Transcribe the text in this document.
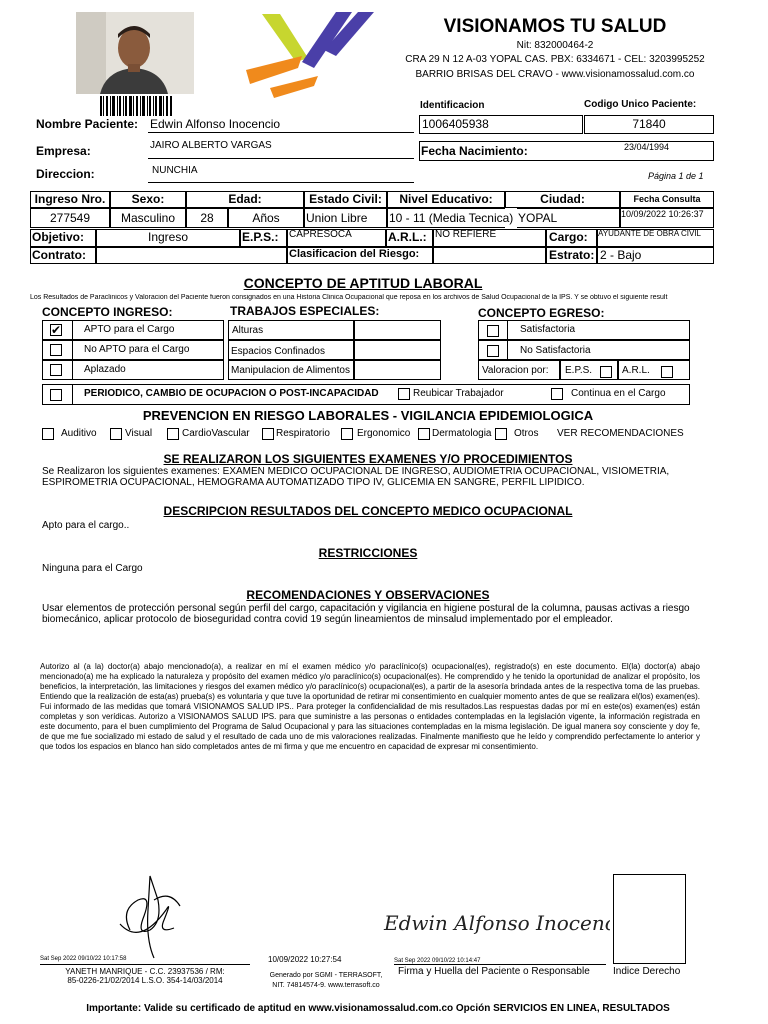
VISIONAMOS TU SALUD
Nit: 832000464-2
CRA 29 N 12 A-03 YOPAL CAS. PBX: 6334671 - CEL: 3203995252
BARRIO BRISAS DEL CRAVO - www.visionamossalud.com.co
Identificacion	Codigo Unico Paciente:
Nombre Paciente: Edwin Alfonso Inocencio	1006405938	71840
Empresa:	JAIRO ALBERTO VARGAS	Fecha Nacimiento:	23/04/1994
Direccion:	NUNCHIA	Página 1 de 1
Ingreso Nro.	Sexo:	Edad:	Estado Civil:	Nivel Educativo:	Ciudad:	Fecha Consulta
277549	Masculino	28	Años	Union Libre	10 - 11 (Media Tecnica) YOPAL	10/09/2022 10:26:37
Objetivo:	Ingreso	E.P.S.:	CAPRESOCA	A.R.L.: NO REFIERE	Cargo:	AYUDANTE DE OBRA CIVIL
Contrato:	Clasificacion del Riesgo:	Estrato: 2 - Bajo
CONCEPTO DE APTITUD LABORAL
Los Resultados de Paraclinicos y Valoracion del Paciente fueron consignados en una Historia Clinica Ocupacional que reposa en los archivos de Salud Ocupacional de la IPS. Y se obtuvo el siguiente result
CONCEPTO INGRESO:	TRABAJOS ESPECIALES:	CONCEPTO EGRESO:
✔ APTO para el Cargo
No APTO para el Cargo
Aplazado
Alturas
Espacios Confinados
Manipulacion de Alimentos
Satisfactoria
No Satisfactoria
Valoracion por: E.P.S.	A.R.L.
PERIODICO, CAMBIO DE OCUPACION O POST-INCAPACIDAD	Reubicar Trabajador	Continua en el Cargo
PREVENCION EN RIESGO LABORALES - VIGILANCIA EPIDEMIOLOGICA
Auditivo	Visual	CardioVascular	Respiratorio	Ergonomico Dermatologia Otros VER RECOMENDACIONES
SE REALIZARON LOS SIGUIENTES EXAMENES Y/O PROCEDIMIENTOS
Se Realizaron los siguientes examenes: EXAMEN MEDICO OCUPACIONAL DE INGRESO, AUDIOMETRIA OCUPACIONAL, VISIOMETRIA, ESPIROMETRIA OCUPACIONAL, HEMOGRAMA AUTOMATIZADO TIPO IV, GLICEMIA EN SANGRE, PERFIL LIPIDICO.
DESCRIPCION RESULTADOS DEL CONCEPTO MEDICO OCUPACIONAL
Apto para el cargo..
RESTRICCIONES
Ninguna para el Cargo
RECOMENDACIONES Y OBSERVACIONES
Usar elementos de protección personal según perfil del cargo, capacitación y vigilancia en higiene postural de la columna, pausas activas a riesgo biomecánico, aplicar protocolo de bioseguridad contra covid 19 según lineamientos de minsalud implementado por el empleador.
Autorizo al (a la) doctor(a) abajo mencionado(a), a realizar en mí el examen médico y/o paraclínico(s) ocupacional(es), registrado(s) en este documento. El(la) doctor(a) abajo mencionado(a) me ha explicado la naturaleza y propósito del examen médico y/o paraclínico(s) ocupacional(es). He comprendido y he tenido la oportunidad de analizar el propósito, los beneficios, la interpretación, las limitaciones y riesgos del examen médico y/o paraclínico(s) ocupacional(es), a partir de la asesoría brindada antes de la respectiva toma de las pruebas. Entiendo que la realización de esta(as) prueba(s) es voluntaria y que tuve la oportunidad de retirar mi consentimiento en cualquier momento antes de que se realizara el(los) examen(es). Fui informado de las medidas que tomará VISIONAMOS SALUD IPS.. Para proteger la confidencialidad de mis resultados.Las respuestas dadas por mí en este(os) examen(es) están completas y son verídicas. Autorizo a VISIONAMOS SALUD IPS. para que suministre a las personas o entidades contempladas en la legislación vigente, la información registrada en este documento, para el buen cumplimiento del Programa de Salud Ocupacional y para las situaciones contempladas en la misma legislación. De igual manera soy consciente y doy fe, de que me fue socializado mi estado de salud y el resultado de cada uno de mis valoraciones realizadas. Finalmente manifiesto que he leído y comprendido perfectamente lo anterior y que todos los espacios en blanco han sido completados antes de mi firma y que me encuentro en capacidad de expresar mi consentimiento.
Sat Sep 2022 09/10/22 10:17:58
YANETH MANRIQUE - C.C. 23937536 / RM:
85-0226-21/02/2014 L.S.O. 354-14/03/2014
10/09/2022 10:27:54
Generado por SGMI - TERRASOFT,
NIT. 74814574-9. www.terrasoft.co
Edwin Alfonso Inocencio
Sat Sep 2022 09/10/22 10:14:47
Firma y Huella del Paciente o Responsable Indice Derecho
Importante: Valide su certificado de aptitud en www.visionamossalud.com.co Opción SERVICIOS EN LINEA, RESULTADOS
